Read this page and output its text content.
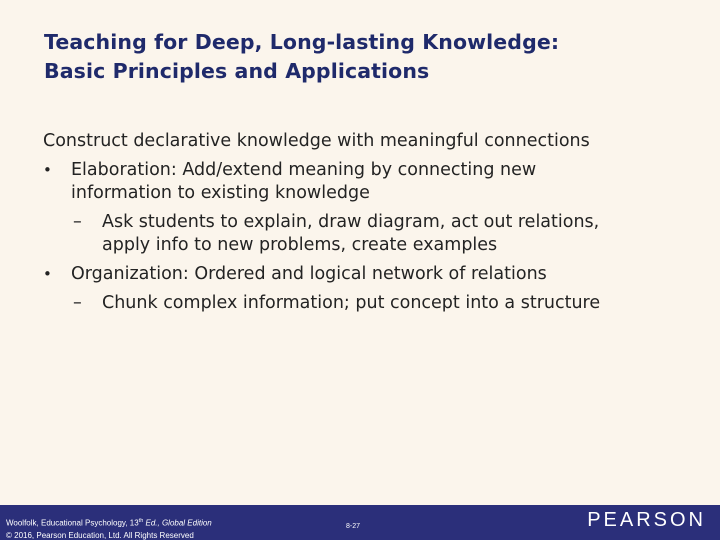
Teaching for Deep, Long-lasting Knowledge:
Basic Principles and Applications
Construct declarative knowledge with meaningful connections
• Elaboration: Add/extend meaning by connecting new
information to existing knowledge
– Ask students to explain, draw diagram, act out relations,
apply info to new problems, create examples
• Organization: Ordered and logical network of relations
– Chunk complex information; put concept into a structure
Woolfolk, Educational Psychology, 13th Ed., Global Edition
© 2016, Pearson Education, Ltd. All Rights Reserved
8-27	PEARSON
